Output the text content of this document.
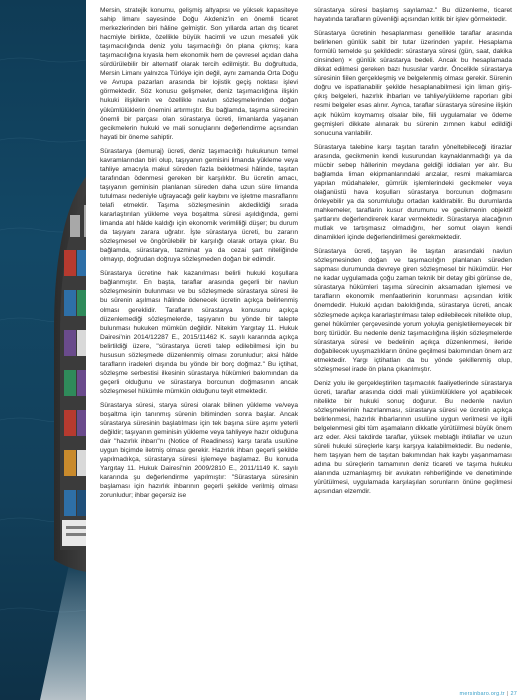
Mersin, stratejik konumu, gelişmiş altyapısı ve yüksek kapasiteye sahip limanı sayesinde Doğu Akdeniz'in en önemli ticaret merkezlerinden biri hâline gelmiştir. Son yıllarda artan dış ticaret hacmiyle birlikte, özellikle büyük hacimli ve uzun mesafeli yük taşımacılığında deniz yolu taşımacılığı ön plana çıkmış; kara taşımacılığına kıyasla hem ekonomik hem de çevresel açıdan daha sürdürülebilir bir alternatif olarak tercih edilmiştir. Bu doğrultuda, Mersin Limanı yalnızca Türkiye için değil, aynı zamanda Orta Doğu ve Avrupa pazarları arasında bir lojistik geçiş noktası işlevi görmektedir. Söz konusu gelişmeler, deniz taşımacılığına ilişkin hukuki ilişkilerin ve özellikle navlun sözleşmelerinden doğan yükümlülüklerin önemini artırmıştır. Bu bağlamda, taşıma sürecinin önemli bir parçası olan sürastarya ücreti, limanlarda yaşanan gecikmelerin hukuki ve mali sonuçlarını değerlendirme açısından hayati bir öneme sahiptir.

Sürastarya (demuraj) ücreti, deniz taşımacılığı hukukunun temel kavramlarından biri olup, taşıyanın gemisini limanda yükleme veya tahliye amacıyla makul süreden fazla bekletmesi hâlinde, taşıtan tarafından ödenmesi gereken bir karşılıktır. Bu ücretin amacı, taşıyanın geminisin planlanan süreden daha uzun süre limanda tutulması nedeniyle uğrayacağı gelir kaybını ve işletme masraflarını telafi etmektir. Taşıma sözleşmesinin akdedildiği sırada kararlaştırılan yükleme veya boşaltma süresi aşıldığında, gemi limanda atıl hâlde kaldığı için ekonomik verimliliği düşer; bu durum da taşıyanı zarara uğratır. İşte sürastarya ücreti, bu zararın sözleşmesel ve öngörülebilir bir karşılığı olarak ortaya çıkar. Bu bağlamda, sürastarya, tazminat ya da cezai şart niteliğinde olmayıp, doğrudan doğruya sözleşmeden doğan bir edimdir.

Sürastarya ücretine hak kazanılması belirli hukuki koşullara bağlanmıştır. En başta, taraflar arasında geçerli bir navlun sözleşmesinin bulunması ve bu sözleşmede sürastarya süresi ile bu sürenin aşılması hâlinde ödenecek ücretin açıkça belirlenmiş olması gereklidir. Tarafların sürastarya konusunu açıkça düzenlemediği sözleşmelerde, taşıyanın bu yönde bir talepte bulunması hukuken mümkün değildir. Nitekim Yargıtay 11. Hukuk Dairesi'nin 2014/12287 E., 2015/11462 K. sayılı kararında açıkça belirtildiği üzere, "sürastarya ücreti talep edilebilmesi için bu hususun sözleşmede düzenlenmiş olması zorunludur; aksi hâlde tarafların iradeleri dışında bu yönde bir borç doğmaz." Bu içtihat, sözleşme serbestisi ilkesinin sürastarya hükümleri bakımından da geçerli olduğunu ve sürastarya borcunun doğmasının ancak sözleşmesel hükümle mümkün olduğunu teyit etmektedir.

Sürastarya süresi, starya süresi olarak bilinen yükleme ve/veya boşaltma için tanınmış sürenin bitiminden sonra başlar. Ancak sürastarya süresinin başlatılması için tek başına süre aşımı yeterli değildir; taşıyanın geminisin yükleme veya tahliyeye hazır olduğuna dair "hazırlık ihbarı"nı (Notice of Readiness) karşı tarafa usulüne uygun biçimde iletmiş olması gerekir. Hazırlık ihbarı geçerli şekilde yapılmadıkça, sürastarya süresi işlemeye başlamaz. Bu konuda Yargıtay 11. Hukuk Dairesi'nin 2009/2810 E., 2011/1149 K. sayılı kararında şu değerlendirme yapılmıştır: "Sürastarya süresinin başlaması için hazırlık ihbarının geçerli şekilde verilmiş olması zorunludur; ihbar geçersiz ise

sürastarya süresi başlamış sayılamaz." Bu düzenleme, ticaret hayatında tarafların güvenliği açısından kritik bir işlev görmektedir.

Sürastarya ücretinin hesaplanması genellikle taraflar arasında belirlenen günlük sabit bir tutar üzerinden yapılır. Hesaplama formülü temelde şu şekildedir: sürastarya süresi (gün, saat, dakika cinsinden) × günlük sürastarya bedeli. Ancak bu hesaplamada dikkat edilmesi gereken bazı hususlar vardır. Öncelikle sürastarya süresinin fiilen gerçekleşmiş ve belgelenmiş olması gerekir. Sürenin doğru ve ispatlanabilir şekilde hesaplanabilmesi için liman giriş-çıkış belgeleri, hazırlık ihbarları ve tahliye/yükleme raporları gibi resmi belgeler esas alınır. Ayrıca, taraflar sürastarya süresine ilişkin açık hüküm koymamış olsalar bile, fiili uygulamalar ve ödeme geçmişleri dikkate alınarak bu sürenin zımnen kabul edildiği sonucuna varılabilir.

Sürastarya talebine karşı taşıtan tarafın yöneltebileceği itirazlar arasında, gecikmenin kendi kusurundan kaynaklanmadığı ya da mücbir sebep hâllerinin meydana geldiği iddiaları yer alır. Bu bağlamda liman ekipmanlarındaki arızalar, resmi makamlarca yapılan müdahaleler, gümrük işlemlerindeki gecikmeler veya olağanüstü hava koşulları sürastarya borcunun doğmasını önleyebilir ya da sorumluluğu ortadan kaldırabilir. Bu durumlarda mahkemeler, taraflarin kusur durumunu ve gecikmenin objektif şartlarını değerlendirerek karar vermektedir. Sürastarya alacağının mutlak ve tartışmasız olmadığını, her somut olayın kendi dinamikleri içinde değerlendirilmesi gerekmektedir.

Sürastarya ücreti, taşıyan ile taşıtan arasındaki navlun sözleşmesinden doğan ve taşımacılığın planlanan süreden sapması durumunda devreye giren sözleşmesel bir hükümdür. Her ne kadar uygulamada çoğu zaman teknik bir detay gibi görünse de, sürastarya hükümleri taşıma sürecinin aksamadan işlemesi ve tarafların ekonomik menfaatlerinin korunması açısından kritik önemdedir. Hukuki açıdan bakıldığında, sürastarya ücreti, ancak sözleşmede açıkça kararlaştırılması talep edilebilecek nitelikte olup, genel hükümler çerçevesinde yorum yoluyla genişletilemeyecek bir borç türüdür. Bu nedenle deniz taşımacılığına ilişkin sözleşmelerde sürastarya süresi ve bedelinin açıkça düzenlenmesi, ileride doğabilecek uyuşmazlıkların önüne geçilmesi bakımından önem arz etmektedir. Yargı içtihatları da bu yönde şekillenmiş olup, sözleşmesel irade ön plana çıkarılmıştır.

Deniz yolu ile gerçekleştirilen taşımacılık faaliyetlerinde sürastarya ücreti, taraflar arasında ciddi mali yükümlülüklere yol açabilecek nitelikte bir hukuki sonuç doğurur. Bu nedenle navlun sözleşmelerinin hazırlanması, sürastarya süresi ve ücretin açıkça belirlenmesi, hazırlık ihbarlarının usulüne uygun verilmesi ve ilgili belgelenmesi gibi tüm aşamaların dikkatle yürütülmesi büyük önem arz eder. Aksi takdirde taraflar, yüksek meblağlı ihtilaflar ve uzun süreli hukuki süreçlerle karşı karşıya kalabilmektedir. Bu nedenle, hem taşıyan hem de taşıtan bakımından hak kaybı yaşanmaması adına bu süreçlerin tamamının deniz ticareti ve taşıma hukuku alanında uzmanlaşmış bir avukatın rehberliğinde ve denetiminde yürütülmesi, uygulamada karşılaşılan sorunların önüne geçilmesi açısından elzemdir.

mersinbaro.org.tr | 27
